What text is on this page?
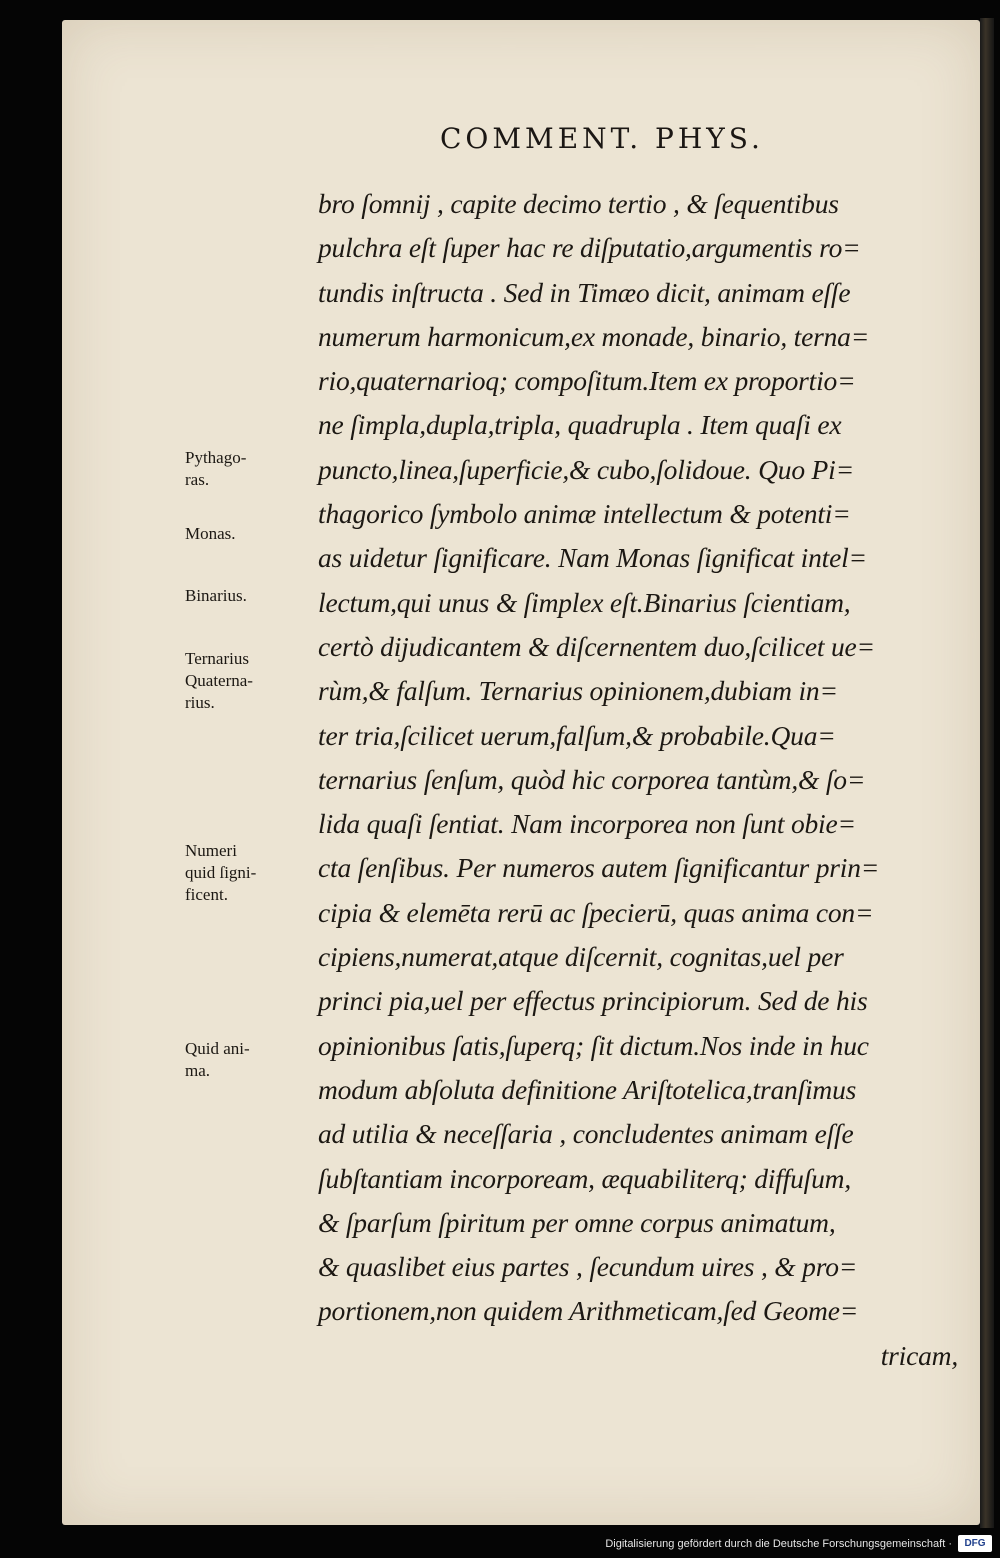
COMMENT. PHYS.
bro ſomnij , capite decimo tertio , & ſequentibus
pulchra eſt ſuper hac re diſputatio,argumentis ro=
tundis inſtructa . Sed in Timæo dicit, animam eſſe
numerum harmonicum,ex monade, binario, terna=
rio,quaternarioq; compoſitum.Item ex proportio=
ne ſimpla,dupla,tripla, quadrupla . Item quaſi ex
puncto,linea,ſuperficie,& cubo,ſolidoue. Quo Pi=
thagorico ſymbolo animæ intellectum & potenti=
as uidetur ſignificare. Nam Monas ſignificat intel=
lectum,qui unus & ſimplex eſt.Binarius ſcientiam,
certò dijudicantem & diſcernentem duo,ſcilicet ue=
rùm,& falſum. Ternarius opinionem,dubiam in=
ter tria,ſcilicet uerum,falſum,& probabile.Qua=
ternarius ſenſum, quòd hic corporea tantùm,& ſo=
lida quaſi ſentiat. Nam incorporea non ſunt obie=
cta ſenſibus. Per numeros autem ſignificantur prin=
cipia & elemēta rerū ac ſpecierū, quas anima con=
cipiens,numerat,atque diſcernit, cognitas,uel per
princi pia,uel per effectus principiorum. Sed de his
opinionibus ſatis,ſuperq; ſit dictum.Nos inde in huc
modum abſoluta definitione Ariſtotelica,tranſimus
ad utilia & neceſſaria , concludentes animam eſſe
ſubſtantiam incorpoream, æquabiliterq; diffuſum,
& ſparſum ſpiritum per omne corpus animatum,
& quaslibet eius partes , ſecundum uires , & pro=
portionem,non quidem Arithmeticam,ſed Geome=
tricam,
Pythago-
ras.
Monas.
Binarius.
Ternarius
Quaterna-
rius.
Numeri
quid ſigni-
ficent.
Quid ani-
ma.
Digitalisierung gefördert durch die Deutsche Forschungsgemeinschaft ·	DFG
